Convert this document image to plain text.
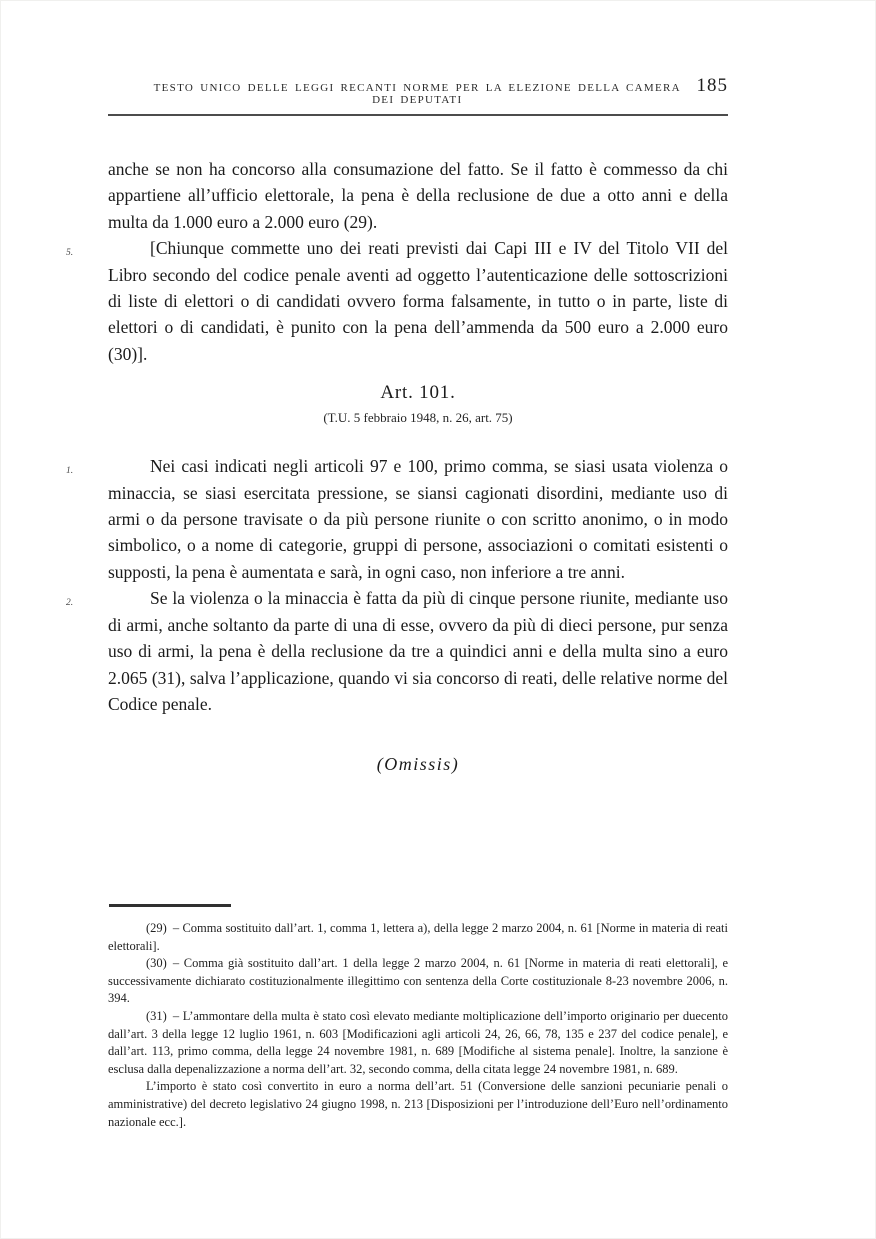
TESTO UNICO DELLE LEGGI RECANTI NORME PER LA ELEZIONE DELLA CAMERA DEI DEPUTATI
185

anche se non ha concorso alla consumazione del fatto. Se il fatto è commesso da chi appartiene all’ufficio elettorale, la pena è della reclusione de due a otto anni e della multa da 1.000 euro a 2.000 euro (29).

5.	[Chiunque commette uno dei reati previsti dai Capi III e IV del Titolo VII del Libro secondo del codice penale aventi ad oggetto l’autenticazione delle sottoscrizioni di liste di elettori o di candidati ovvero forma falsamente, in tutto o in parte, liste di elettori o di candidati, è punito con la pena dell’ammenda da 500 euro a 2.000 euro (30)].

Art. 101.

(T.U. 5 febbraio 1948, n. 26, art. 75)

1.	Nei casi indicati negli articoli 97 e 100, primo comma, se siasi usata violenza o minaccia, se siasi esercitata pressione, se siansi cagionati disordini, mediante uso di armi o da persone travisate o da più persone riunite o con scritto anonimo, o in modo simbolico, o a nome di categorie, gruppi di persone, associazioni o comitati esistenti o supposti, la pena è aumentata e sarà, in ogni caso, non inferiore a tre anni.

2.	Se la violenza o la minaccia è fatta da più di cinque persone riunite, mediante uso di armi, anche soltanto da parte di una di esse, ovvero da più di dieci persone, pur senza uso di armi, la pena è della reclusione da tre a quindici anni e della multa sino a euro 2.065 (31), salva l’applicazione, quando vi sia concorso di reati, delle relative norme del Codice penale.

(Omissis)

(29) – Comma sostituito dall’art. 1, comma 1, lettera a), della legge 2 marzo 2004, n. 61 [Norme in materia di reati elettorali].

(30) – Comma già sostituito dall’art. 1 della legge 2 marzo 2004, n. 61 [Norme in materia di reati elettorali], e successivamente dichiarato costituzionalmente illegittimo con sentenza della Corte costituzionale 8-23 novembre 2006, n. 394.

(31) – L’ammontare della multa è stato così elevato mediante moltiplicazione dell’importo originario per duecento dall’art. 3 della legge 12 luglio 1961, n. 603 [Modificazioni agli articoli 24, 26, 66, 78, 135 e 237 del codice penale], e dall’art. 113, primo comma, della legge 24 novembre 1981, n. 689 [Modifiche al sistema penale]. Inoltre, la sanzione è esclusa dalla depenalizzazione a norma dell’art. 32, secondo comma, della citata legge 24 novembre 1981, n. 689.

L’importo è stato così convertito in euro a norma dell’art. 51 (Conversione delle sanzioni pecuniarie penali o amministrative) del decreto legislativo 24 giugno 1998, n. 213 [Disposizioni per l’introduzione dell’Euro nell’ordinamento nazionale ecc.].
